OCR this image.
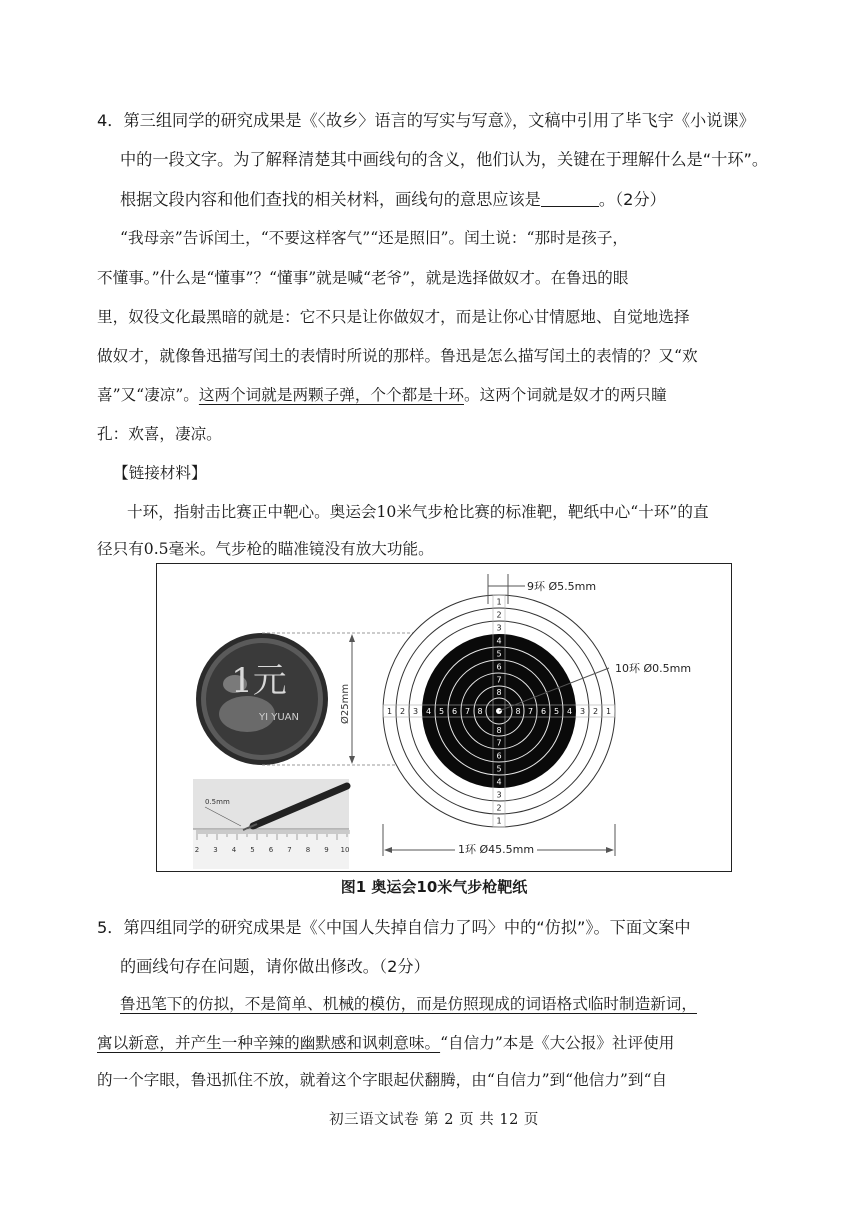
4．第三组同学的研究成果是《〈故乡〉语言的写实与写意》，文稿中引用了毕飞宇《小说课》
中的一段文字。为了解释清楚其中画线句的含义，他们认为，关键在于理解什么是“十环”。
根据文段内容和他们查找的相关材料，画线句的意思应该是	。（2分）
“我母亲”告诉闰土，“不要这样客气”“还是照旧”。闰土说：“那时是孩子，
不懂事。”什么是“懂事”？“懂事”就是喊“老爷”，就是选择做奴才。在鲁迅的眼
里，奴役文化最黑暗的就是：它不只是让你做奴才，而是让你心甘情愿地、自觉地选择
做奴才，就像鲁迅描写闰土的表情时所说的那样。鲁迅是怎么描写闰土的表情的？又“欢
喜”又“凄凉”。这两个词就是两颗子弹，个个都是十环。这两个词就是奴才的两只瞳
孔：欢喜，凄凉。
【链接材料】
十环，指射击比赛正中靶心。奥运会10米气步枪比赛的标准靶，靶纸中心“十环”的直
径只有0.5毫米。气步枪的瞄准镜没有放大功能。
1元
YI YUAN	Ø25mm
0.5mm
2 3 4 5 6 7 8 9 10
1
1
1	1
2
2
2	2
3
3
3	3
4
4
4	4
5
5
5	5
6
6
6	6
7
7
7	7
8
8
8	8
9环 Ø5.5mm
10环 Ø0.5mm
1环 Ø45.5mm
图1 奥运会10米气步枪靶纸
5．第四组同学的研究成果是《〈中国人失掉自信力了吗〉中的“仿拟”》。下面文案中
的画线句存在问题，请你做出修改。（2分）
鲁迅笔下的仿拟，不是简单、机械的模仿，而是仿照现成的词语格式临时制造新词，
寓以新意，并产生一种辛辣的幽默感和讽刺意味。“自信力”本是《大公报》社评使用
的一个字眼，鲁迅抓住不放，就着这个字眼起伏翻腾，由“自信力”到“他信力”到“自
初三语文试卷 第 2 页 共 12 页
